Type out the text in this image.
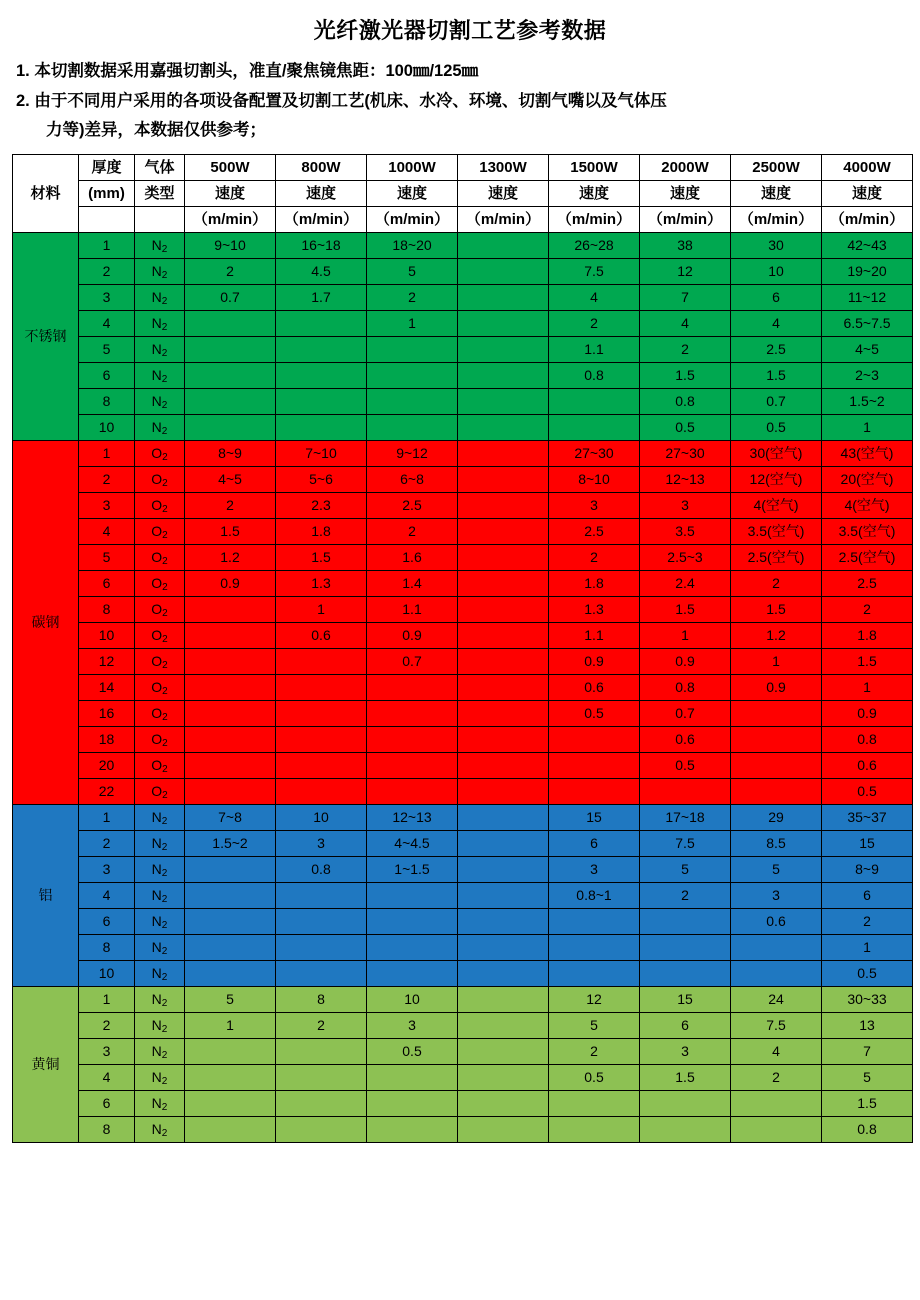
光纤激光器切割工艺参考数据
1. 本切割数据采用嘉强切割头，准直/聚焦镜焦距：100㎜/125㎜
2. 由于不同用户采用的各项设备配置及切割工艺(机床、水冷、环境、切割气嘴以及气体压
力等)差异，本数据仅供参考；
材料	厚度	气体	500W	800W	1000W	1300W	1500W	2000W	2500W	4000W
	(mm)	类型	速度	速度	速度	速度	速度	速度	速度	速度
			（m/min）	（m/min）	（m/min）	（m/min）	（m/min）	（m/min）	（m/min）	（m/min）
不锈钢	1	$N_2$	9~10	16~18	18~20		26~28	38	30	42~43
	2	$N_2$	2	4.5	5		7.5	12	10	19~20
	3	$N_2$	0.7	1.7	2		4	7	6	11~12
	4	$N_2$			1		2	4	4	6.5~7.5
	5	$N_2$					1.1	2	2.5	4~5
	6	$N_2$					0.8	1.5	1.5	2~3
	8	$N_2$						0.8	0.7	1.5~2
	10	$N_2$						0.5	0.5	1
碳钢	1	$O_2$	8~9	7~10	9~12		27~30	27~30	30(空气)	43(空气)
	2	$O_2$	4~5	5~6	6~8		8~10	12~13	12(空气)	20(空气)
	3	$O_2$	2	2.3	2.5		3	3	4(空气)	4(空气)
	4	$O_2$	1.5	1.8	2		2.5	3.5	3.5(空气)	3.5(空气)
	5	$O_2$	1.2	1.5	1.6		2	2.5~3	2.5(空气)	2.5(空气)
	6	$O_2$	0.9	1.3	1.4		1.8	2.4	2	2.5
	8	$O_2$		1	1.1		1.3	1.5	1.5	2
	10	$O_2$		0.6	0.9		1.1	1	1.2	1.8
	12	$O_2$			0.7		0.9	0.9	1	1.5
	14	$O_2$					0.6	0.8	0.9	1
	16	$O_2$					0.5	0.7		0.9
	18	$O_2$						0.6		0.8
	20	$O_2$						0.5		0.6
	22	$O_2$								0.5
铝	1	$N_2$	7~8	10	12~13		15	17~18	29	35~37
	2	$N_2$	1.5~2	3	4~4.5		6	7.5	8.5	15
	3	$N_2$		0.8	1~1.5		3	5	5	8~9
	4	$N_2$					0.8~1	2	3	6
	6	$N_2$							0.6	2
	8	$N_2$								1
	10	$N_2$								0.5
黄铜	1	$N_2$	5	8	10		12	15	24	30~33
	2	$N_2$	1	2	3		5	6	7.5	13
	3	$N_2$			0.5		2	3	4	7
	4	$N_2$					0.5	1.5	2	5
	6	$N_2$								1.5
	8	$N_2$								0.8
